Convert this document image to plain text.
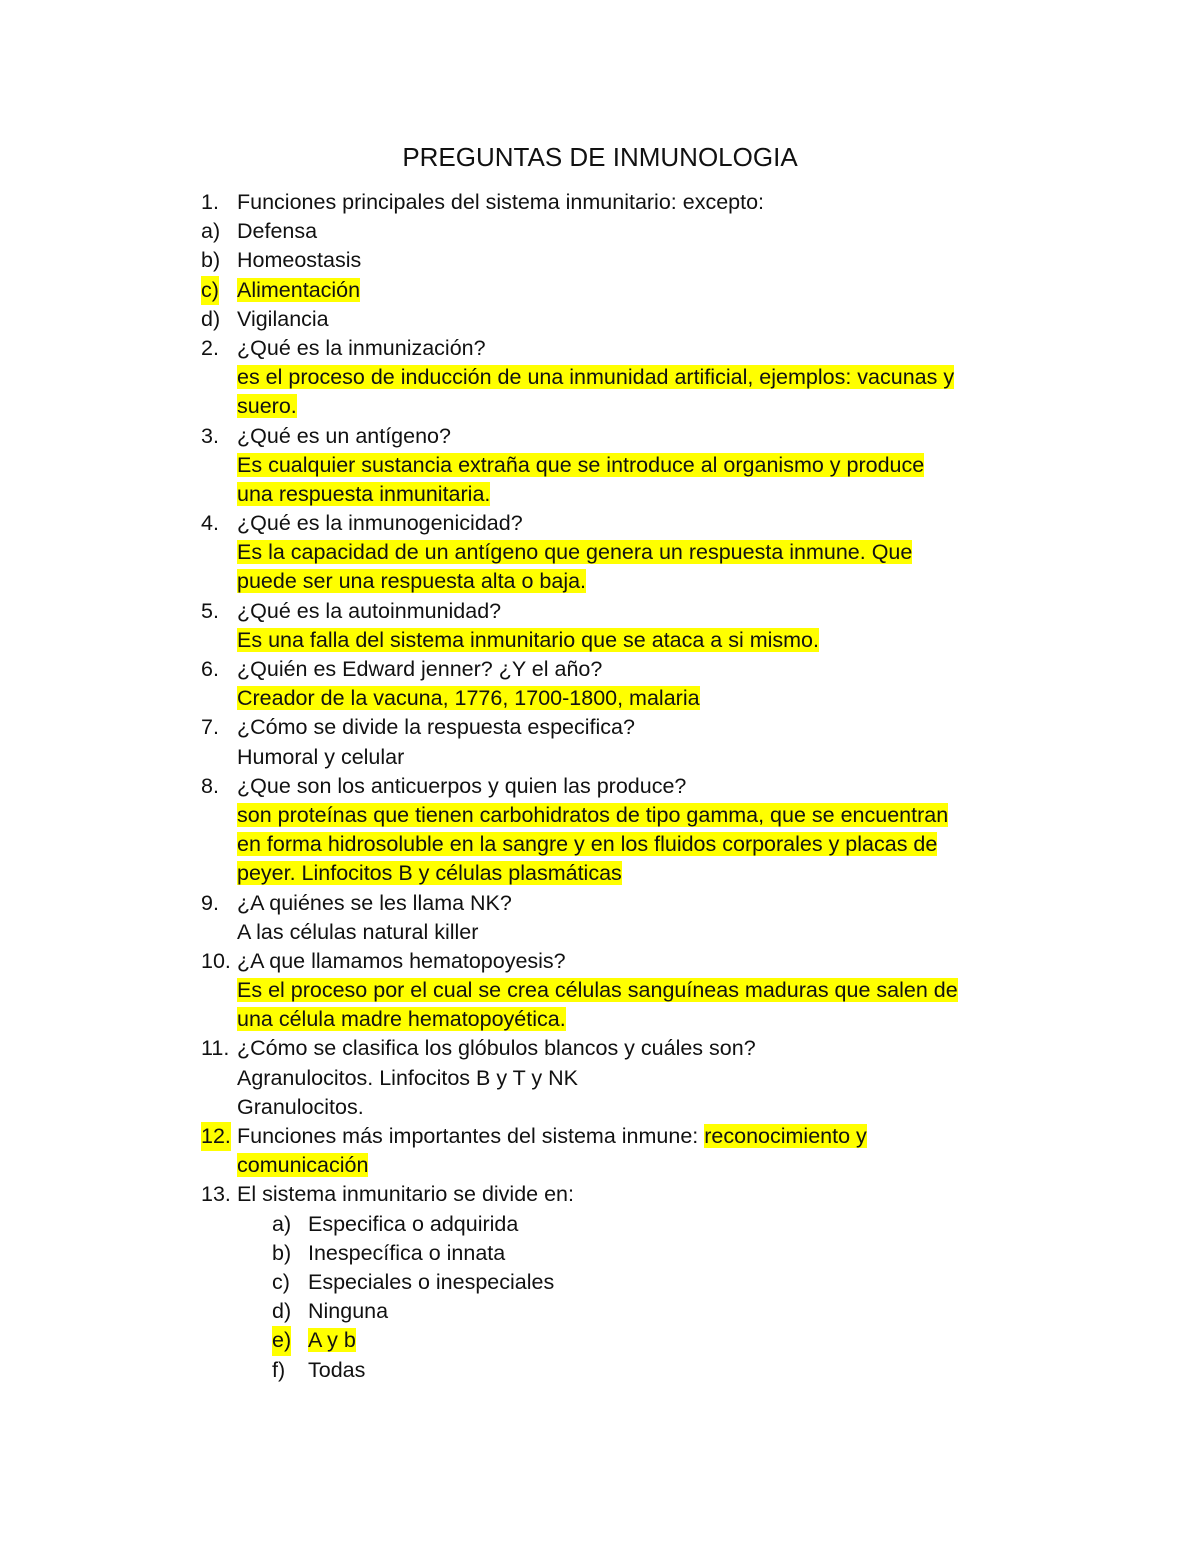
PREGUNTAS DE INMUNOLOGIA
1. Funciones principales del sistema inmunitario: excepto:
a) Defensa
b) Homeostasis
c) Alimentación
d) Vigilancia
2. ¿Qué es la inmunización?
es el proceso de inducción de una inmunidad artificial, ejemplos: vacunas y
suero.
3. ¿Qué es un antígeno?
Es cualquier sustancia extraña que se introduce al organismo y produce
una respuesta inmunitaria.
4. ¿Qué es la inmunogenicidad?
Es la capacidad de un antígeno que genera un respuesta inmune. Que
puede ser una respuesta alta o baja.
5. ¿Qué es la autoinmunidad?
Es una falla del sistema inmunitario que se ataca a si mismo.
6. ¿Quién es Edward jenner? ¿Y el año?
Creador de la vacuna, 1776, 1700-1800, malaria
7. ¿Cómo se divide la respuesta especifica?
Humoral y celular
8. ¿Que son los anticuerpos y quien las produce?
son proteínas que tienen carbohidratos de tipo gamma, que se encuentran
en forma hidrosoluble en la sangre y en los fluidos corporales y placas de
peyer. Linfocitos B y células plasmáticas
9. ¿A quiénes se les llama NK?
A las células natural killer
10. ¿A que llamamos hematopoyesis?
Es el proceso por el cual se crea células sanguíneas maduras que salen de
una célula madre hematopoyética.
11. ¿Cómo se clasifica los glóbulos blancos y cuáles son?
Agranulocitos. Linfocitos B y T y NK
Granulocitos.
12. Funciones más importantes del sistema inmune: reconocimiento y
comunicación
13. El sistema inmunitario se divide en:
a) Especifica o adquirida
b) Inespecífica o innata
c) Especiales o inespeciales
d) Ninguna
e) A y b
f) Todas
